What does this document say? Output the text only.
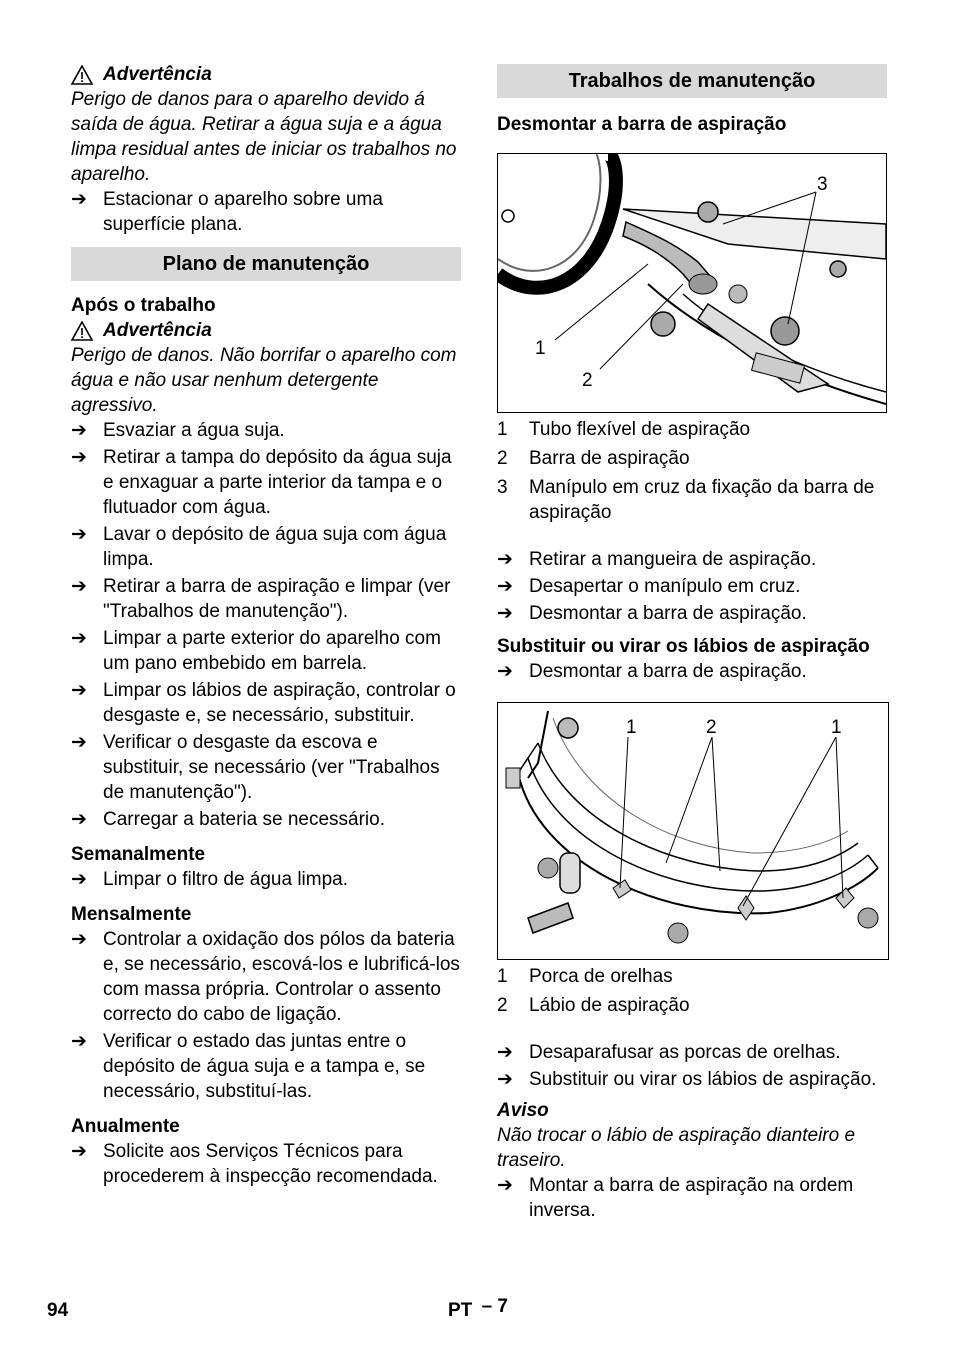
Advertência

Perigo de danos para o aparelho devido á saída de água. Retirar a água suja e a água limpa residual antes de iniciar os trabalhos no aparelho.

➔ Estacionar o aparelho sobre uma superfície plana.
Plano de manutenção

Após o trabalho

Advertência

Perigo de danos. Não borrifar o aparelho com água e não usar nenhum detergente agressivo.

➔ Esvaziar a água suja.
➔ Retirar a tampa do depósito da água suja e enxaguar a parte interior da tampa e o flutuador com água.
➔ Lavar o depósito de água suja com água limpa.
➔ Retirar a barra de aspiração e limpar (ver "Trabalhos de manutenção").
➔ Limpar a parte exterior do aparelho com um pano embebido em barrela.
➔ Limpar os lábios de aspiração, controlar o desgaste e, se necessário, substituir.
➔ Verificar o desgaste da escova e substituir, se necessário (ver "Trabalhos de manutenção").
➔ Carregar a bateria se necessário.

Semanalmente

➔ Limpar o filtro de água limpa.

Mensalmente

➔ Controlar a oxidação dos pólos da bateria e, se necessário, escová-los e lubrificá-los com massa própria. Controlar o assento correcto do cabo de ligação.
➔ Verificar o estado das juntas entre o depósito de água suja e a tampa e, se necessário, substituí-las.

Anualmente

➔ Solicite aos Serviços Técnicos para procederem à inspecção recomendada.
Trabalhos de manutenção

Desmontar a barra de aspiração

3
1
2
1 Tubo flexível de aspiração
2 Barra de aspiração
3 Manípulo em cruz da fixação da barra de aspiração
➔ Retirar a mangueira de aspiração.
➔ Desapertar o manípulo em cruz.
➔ Desmontar a barra de aspiração.

Substituir ou virar os lábios de aspiração

➔ Desmontar a barra de aspiração.
1	2	1
1 Porca de orelhas
2 Lábio de aspiração
➔ Desaparafusar as porcas de orelhas.
➔ Substituir ou virar os lábios de aspiração.

Aviso

Não trocar o lábio de aspiração dianteiro e traseiro.

➔ Montar a barra de aspiração na ordem inversa.
94	PT – 7
